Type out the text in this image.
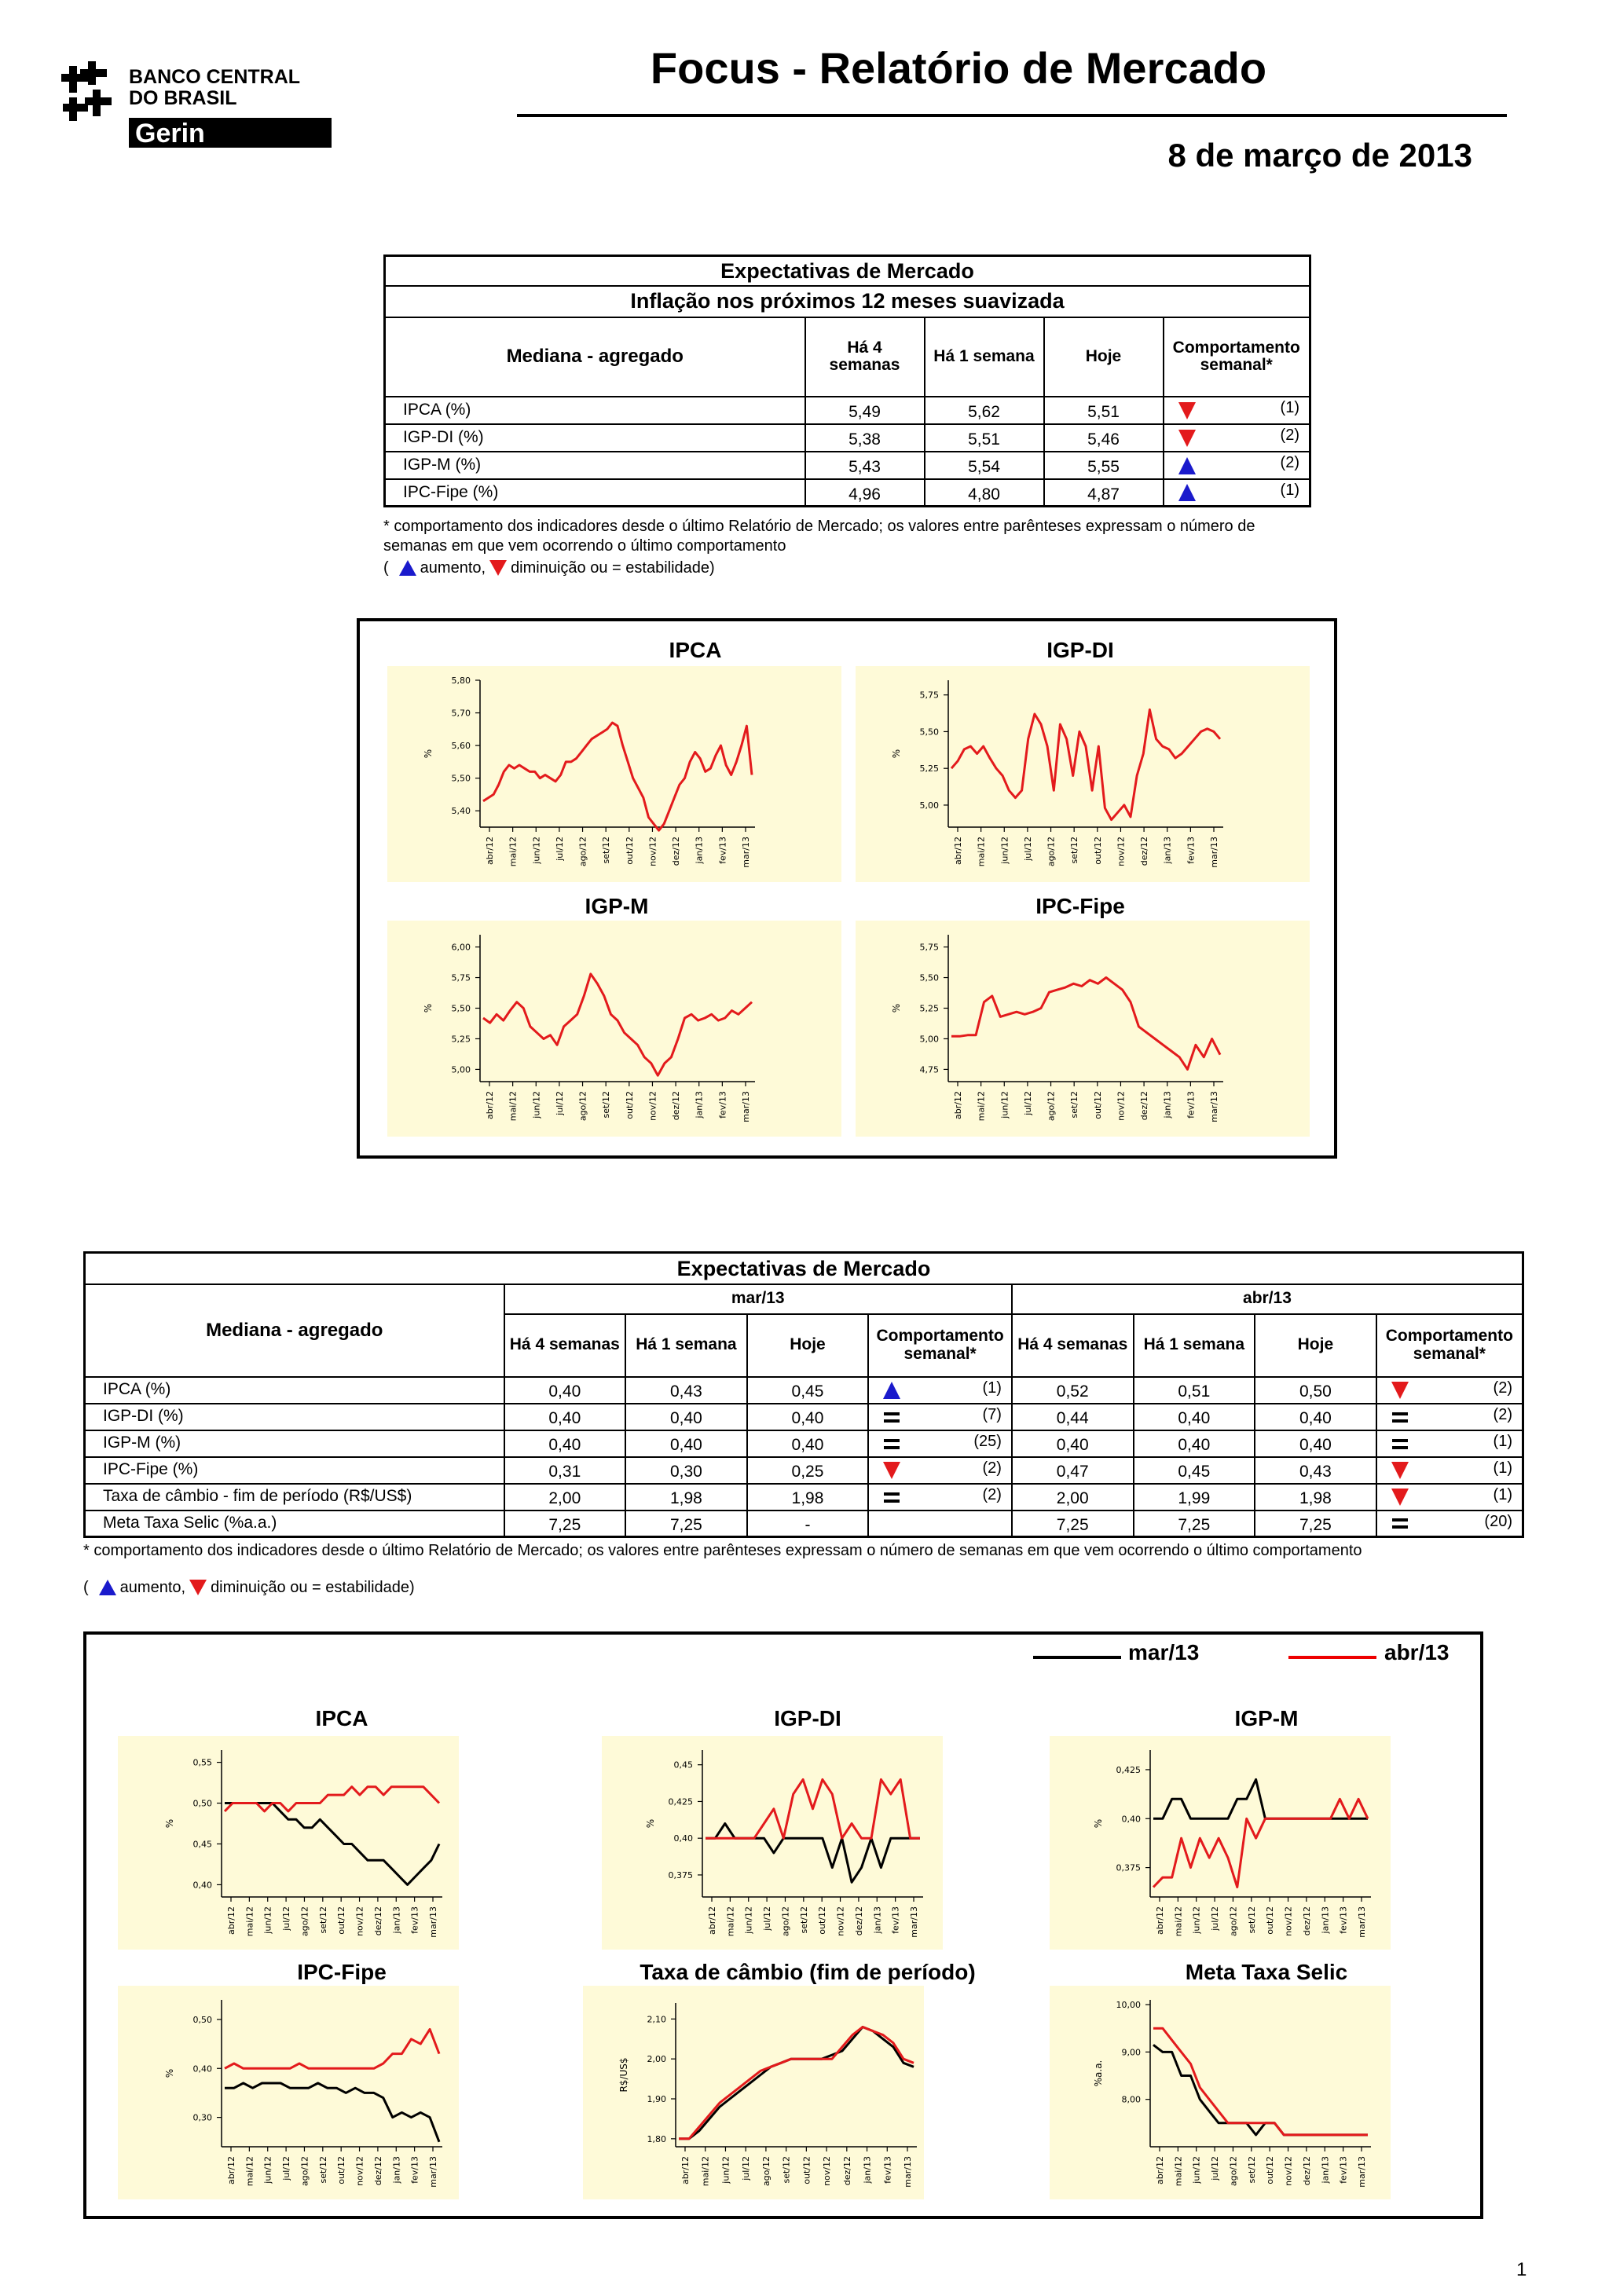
BANCO CENTRAL
DO BRASIL
Gerin
Focus - Relatório de Mercado
8 de março de 2013
Expectativas de Mercado				
Inflação nos próximos 12 meses suavizada				
Mediana - agregado	Há 4 semanas	Há 1 semana	Hoje	Comportamento semanal*
IPCA (%)	5,49	5,62	5,51	(1)

IGP-DI (%)	5,38	5,51	5,46	(2)

IGP-M (%)	5,43	5,54	5,55	(2)

IPC-Fipe (%)	4,96	4,80	4,87	(1)
* comportamento dos indicadores desde o último Relatório de Mercado; os valores entre parênteses expressam o número de
semanas em que vem ocorrendo o último comportamento
( aumento, diminuição ou = estabilidade)
Expectativas de Mercado								
Mediana - agregado	mar/13				abr/13			
	Há 4 semanas	Há 1 semana	Hoje	Comportamento semanal*	Há 4 semanas	Há 1 semana	Hoje	Comportamento semanal*
IPCA (%)	0,40	0,43	0,45	(1)	0,52	0,51	0,50	(2)

IGP-DI (%)	0,40	0,40	0,40	(7)	0,44	0,40	0,40	(2)

IGP-M (%)	0,40	0,40	0,40	(25)	0,40	0,40	0,40	(1)

IPC-Fipe (%)	0,31	0,30	0,25	(2)	0,47	0,45	0,43	(1)

Taxa de câmbio - fim de período (R$/US$)	2,00	1,98	1,98	(2)	2,00	1,99	1,98	(1)

Meta Taxa Selic (%a.a.)	7,25	7,25	-		7,25	7,25	7,25	(20)
* comportamento dos indicadores desde o último Relatório de Mercado; os valores entre parênteses expressam o número de semanas em que vem ocorrendo o último comportamento
( aumento, diminuição ou = estabilidade)
mar/13	abr/13
IPCA
5,40
5,50
5,60
5,70
5,80
%
abr/12 mai/12 jun/12 jul/12 ago/12 set/12 out/12 nov/12 dez/12 jan/13 fev/13 mar/13
IGP-DI
5,00
5,25
5,50
5,75
%
abr/12 mai/12 jun/12 jul/12 ago/12 set/12 out/12 nov/12 dez/12 jan/13 fev/13 mar/13
IGP-M
5,00
5,25
5,50
5,75
6,00
%
abr/12 mai/12 jun/12 jul/12 ago/12 set/12 out/12 nov/12 dez/12 jan/13 fev/13 mar/13
IPC-Fipe
4,75
5,00
5,25
5,50
5,75
%
abr/12 mai/12 jun/12 jul/12 ago/12 set/12 out/12 nov/12 dez/12 jan/13 fev/13 mar/13
IPCA
0,40
0,45
0,50
0,55
%
abr/12 mai/12 jun/12 jul/12 ago/12 set/12 out/12 nov/12 dez/12 jan/13 fev/13 mar/13
IGP-DI
0,375
0,40
0,425
0,45
%
abr/12 mai/12 jun/12 jul/12 ago/12 set/12 out/12 nov/12 dez/12 jan/13 fev/13 mar/13
IGP-M
0,375
0,40
0,425
%
abr/12 mai/12 jun/12 jul/12 ago/12 set/12 out/12 nov/12 dez/12 jan/13 fev/13 mar/13
IPC-Fipe
0,30
0,40
0,50
%
abr/12 mai/12 jun/12 jul/12 ago/12 set/12 out/12 nov/12 dez/12 jan/13 fev/13 mar/13
Taxa de câmbio (fim de período)
1,80
1,90
2,00
2,10
R$/US$
abr/12 mai/12 jun/12 jul/12 ago/12 set/12 out/12 nov/12 dez/12 jan/13 fev/13 mar/13
Meta Taxa Selic
8,00
9,00
10,00
%a.a.
abr/12 mai/12 jun/12 jul/12 ago/12 set/12 out/12 nov/12 dez/12 jan/13 fev/13 mar/13
1
